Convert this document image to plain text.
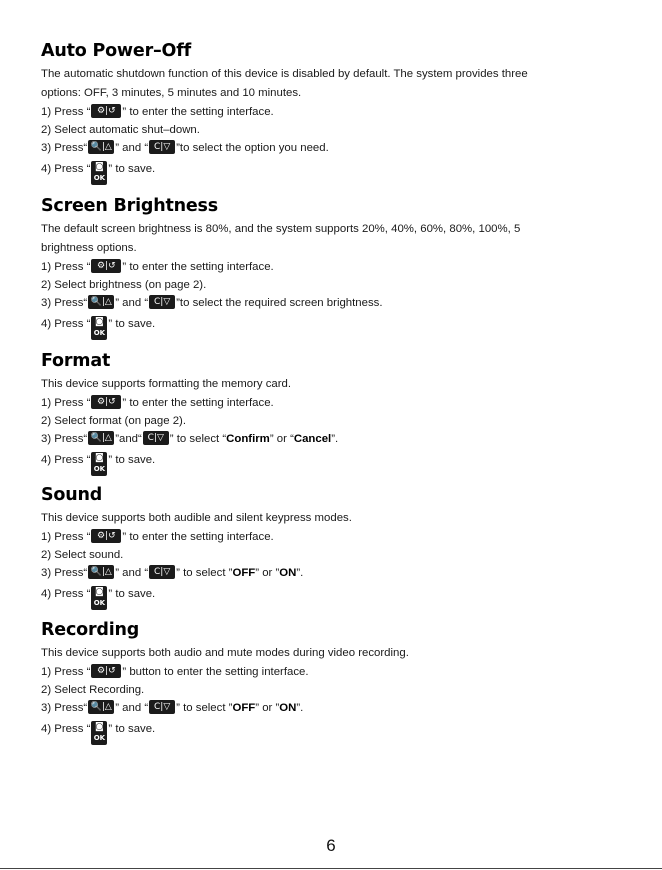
Auto Power–Off
The automatic shutdown function of this device is disabled by default. The system provides three
options: OFF, 3 minutes, 5 minutes and 10 minutes.
1) Press “ ⚙|↺ ” to enter the setting interface.
2) Select automatic shut–down.
3) Press“ 🔍|△ ” and “ C|▽ ”to select the option you need.
4) Press “ ◙
OK
” to save.
Screen Brightness
The default screen brightness is 80%, and the system supports 20%, 40%, 60%, 80%, 100%, 5
brightness options.
1) Press “ ⚙|↺ ” to enter the setting interface.
2) Select brightness (on page 2).
3) Press“ 🔍|△ ” and “ C|▽ ”to select the required screen brightness.
4) Press “ ◙
OK
” to save.
Format
This device supports formatting the memory card.
1) Press “ ⚙|↺ ” to enter the setting interface.
2) Select format (on page 2).
3) Press“ 🔍|△ ”and“ C|▽ ” to select “Confirm” or “Cancel”.
4) Press “ ◙
OK
” to save.
Sound
This device supports both audible and silent keypress modes.
1) Press “ ⚙|↺ ” to enter the setting interface.
2) Select sound.
3) Press“ 🔍|△ ” and “ C|▽ ” to select ”OFF” or ”ON”.
4) Press “ ◙
OK
” to save.
Recording
This device supports both audio and mute modes during video recording.
1) Press “ ⚙|↺ ” button to enter the setting interface.
2) Select Recording.
3) Press“ 🔍|△ ” and “ C|▽ ” to select ”OFF” or ”ON”.
4) Press “ ◙
OK
” to save.
6
